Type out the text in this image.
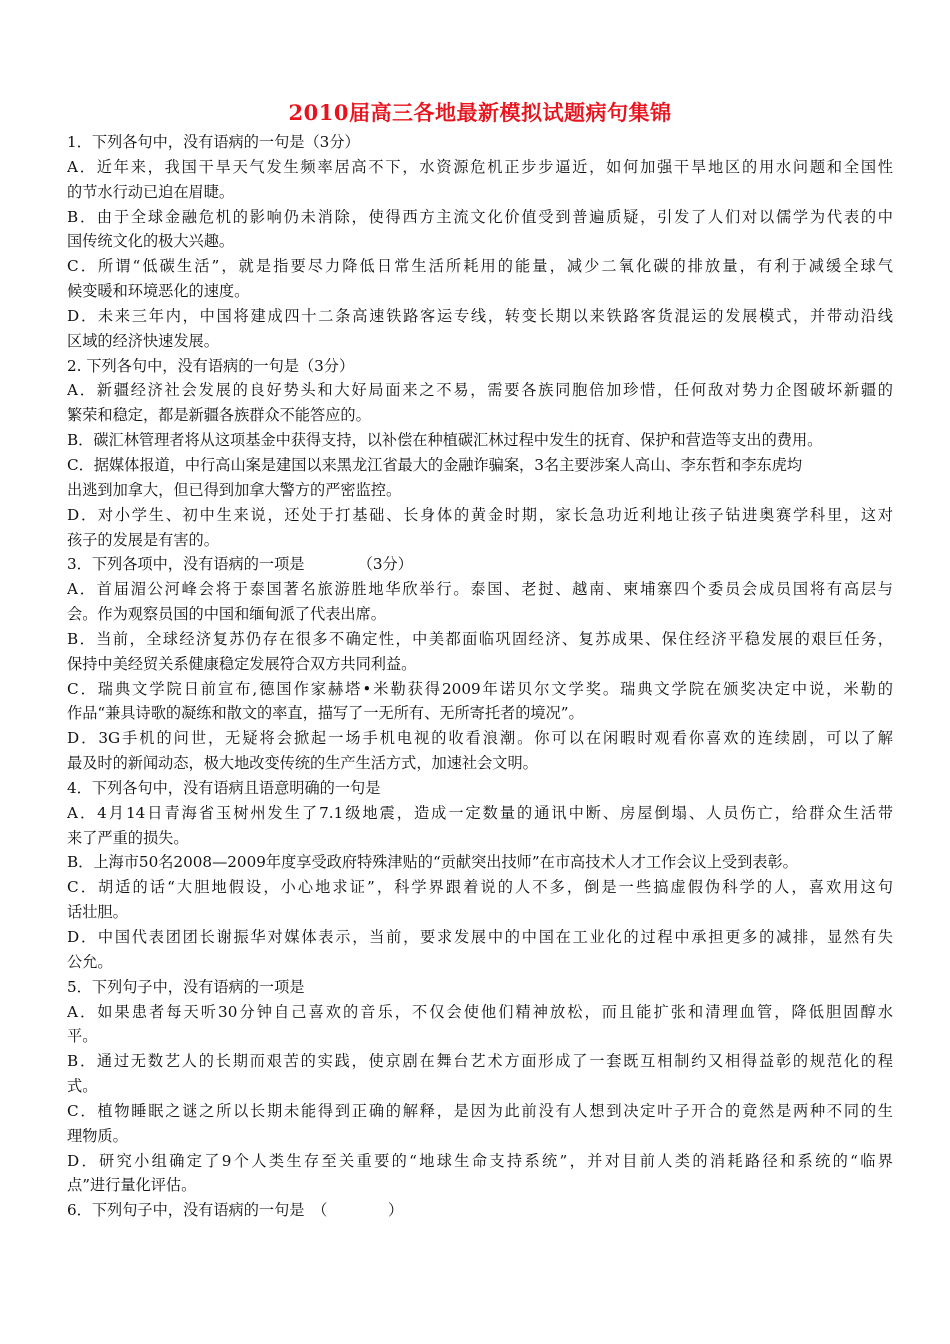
2010届高三各地最新模拟试题病句集锦
1．下列各句中，没有语病的一句是（3分）
A．近年来，我国干旱天气发生频率居高不下，水资源危机正步步逼近，如何加强干旱地区的用水问题和全国性
的节水行动已迫在眉睫。
B．由于全球金融危机的影响仍未消除，使得西方主流文化价值受到普遍质疑，引发了人们对以儒学为代表的中
国传统文化的极大兴趣。
C．所谓“低碳生活”，就是指要尽力降低日常生活所耗用的能量，减少二氧化碳的排放量，有利于减缓全球气
候变暖和环境恶化的速度。
D．未来三年内，中国将建成四十二条高速铁路客运专线，转变长期以来铁路客货混运的发展模式，并带动沿线
区域的经济快速发展。
2. 下列各句中，没有语病的一句是（3分）
A．新疆经济社会发展的良好势头和大好局面来之不易，需要各族同胞倍加珍惜，任何敌对势力企图破坏新疆的
繁荣和稳定，都是新疆各族群众不能答应的。
B．碳汇林管理者将从这项基金中获得支持，以补偿在种植碳汇林过程中发生的抚育、保护和营造等支出的费用。
C．据媒体报道，中行高山案是建国以来黑龙江省最大的金融诈骗案，3名主要涉案人高山、李东哲和李东虎均
出逃到加拿大，但已得到加拿大警方的严密监控。
D．对小学生、初中生来说，还处于打基础、长身体的黄金时期，家长急功近利地让孩子钻进奥赛学科里，这对
孩子的发展是有害的。
3．下列各项中，没有语病的一项是　　　　（3分）
A．首届湄公河峰会将于泰国著名旅游胜地华欣举行。泰国、老挝、越南、柬埔寨四个委员会成员国将有高层与
会。作为观察员国的中国和缅甸派了代表出席。
B．当前，全球经济复苏仍存在很多不确定性，中美都面临巩固经济、复苏成果、保住经济平稳发展的艰巨任务，
保持中美经贸关系健康稳定发展符合双方共同利益。
C．瑞典文学院日前宣布,德国作家赫塔•米勒获得2009年诺贝尔文学奖。瑞典文学院在颁奖决定中说，米勒的
作品“兼具诗歌的凝练和散文的率直，描写了一无所有、无所寄托者的境况”。
D．3G手机的问世，无疑将会掀起一场手机电视的收看浪潮。你可以在闲暇时观看你喜欢的连续剧，可以了解
最及时的新闻动态，极大地改变传统的生产生活方式，加速社会文明。
4．下列各句中，没有语病且语意明确的一句是
A．4月14日青海省玉树州发生了7.1级地震，造成一定数量的通讯中断、房屋倒塌、人员伤亡，给群众生活带
来了严重的损失。
B．上海市50名2008—2009年度享受政府特殊津贴的“贡献突出技师”在市高技术人才工作会议上受到表彰。
C．胡适的话“大胆地假设，小心地求证”，科学界跟着说的人不多，倒是一些搞虚假伪科学的人，喜欢用这句
话壮胆。
D．中国代表团团长谢振华对媒体表示，当前，要求发展中的中国在工业化的过程中承担更多的减排，显然有失
公允。
5．下列句子中，没有语病的一项是
A．如果患者每天听30分钟自己喜欢的音乐，不仅会使他们精神放松，而且能扩张和清理血管，降低胆固醇水
平。
B．通过无数艺人的长期而艰苦的实践，使京剧在舞台艺术方面形成了一套既互相制约又相得益彰的规范化的程
式。
C．植物睡眠之谜之所以长期未能得到正确的解释，是因为此前没有人想到决定叶子开合的竟然是两种不同的生
理物质。
D．研究小组确定了9个人类生存至关重要的“地球生命支持系统”，并对目前人类的消耗路径和系统的“临界
点”进行量化评估。
6．下列句子中，没有语病的一句是　（　　　　）
